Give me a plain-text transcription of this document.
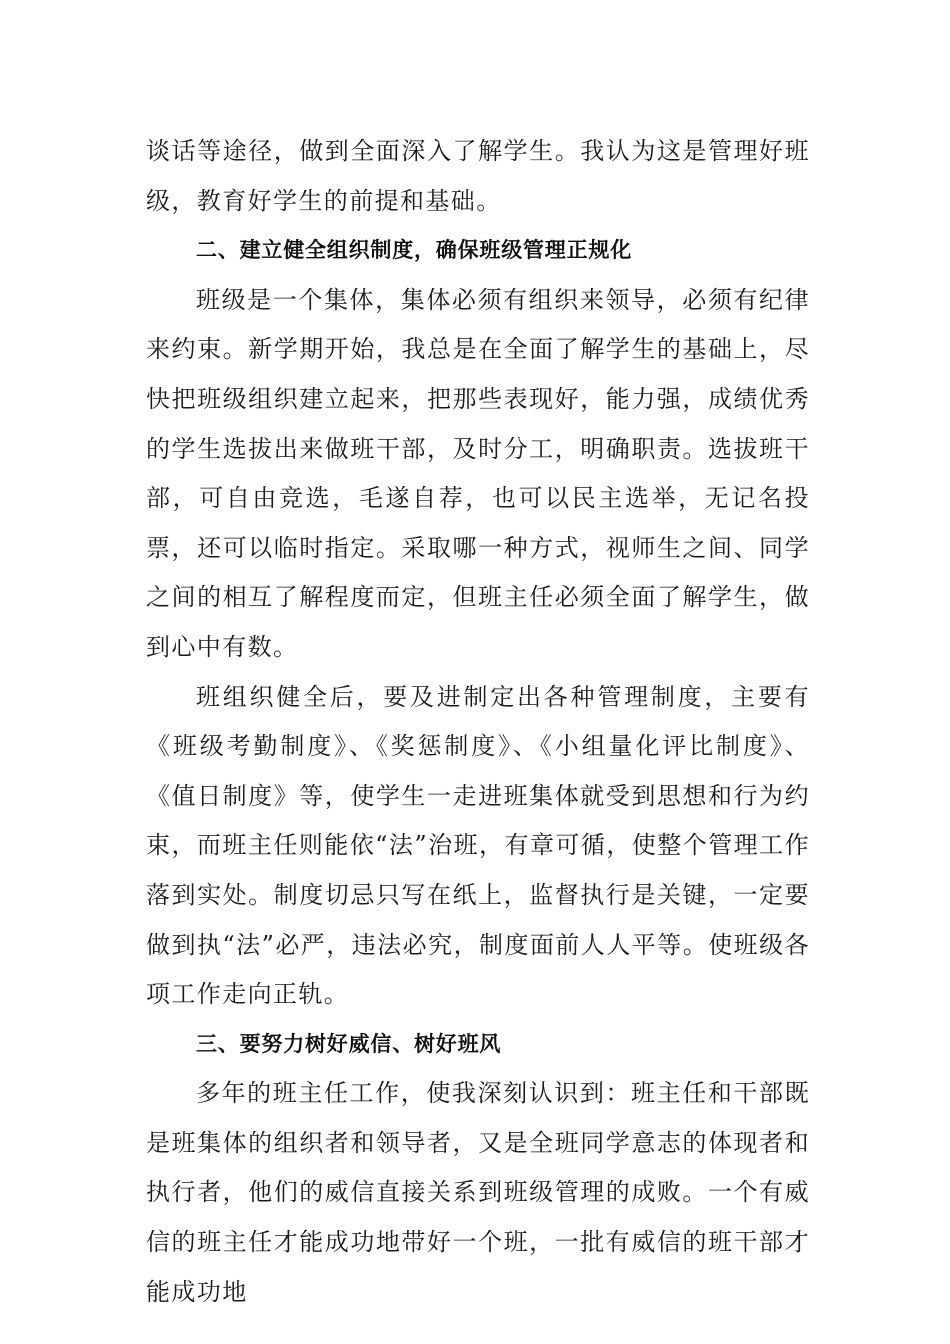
谈话等途径，做到全面深入了解学生。我认为这是管理好班级，教育好学生的前提和基础。

二、建立健全组织制度，确保班级管理正规化

班级是一个集体，集体必须有组织来领导，必须有纪律来约束。新学期开始，我总是在全面了解学生的基础上，尽快把班级组织建立起来，把那些表现好，能力强，成绩优秀的学生选拔出来做班干部，及时分工，明确职责。选拔班干部，可自由竞选，毛遂自荐，也可以民主选举，无记名投票，还可以临时指定。采取哪一种方式，视师生之间、同学之间的相互了解程度而定，但班主任必须全面了解学生，做到心中有数。

班组织健全后，要及进制定出各种管理制度，主要有《班级考勤制度》、《奖惩制度》、《小组量化评比制度》、《值日制度》等，使学生一走进班集体就受到思想和行为约束，而班主任则能依“法”治班，有章可循，使整个管理工作落到实处。制度切忌只写在纸上，监督执行是关键，一定要做到执“法”必严，违法必究，制度面前人人平等。使班级各项工作走向正轨。

三、要努力树好威信、树好班风

多年的班主任工作，使我深刻认识到：班主任和干部既是班集体的组织者和领导者，又是全班同学意志的体现者和执行者，他们的威信直接关系到班级管理的成败。一个有威信的班主任才能成功地带好一个班，一批有威信的班干部才能成功地
